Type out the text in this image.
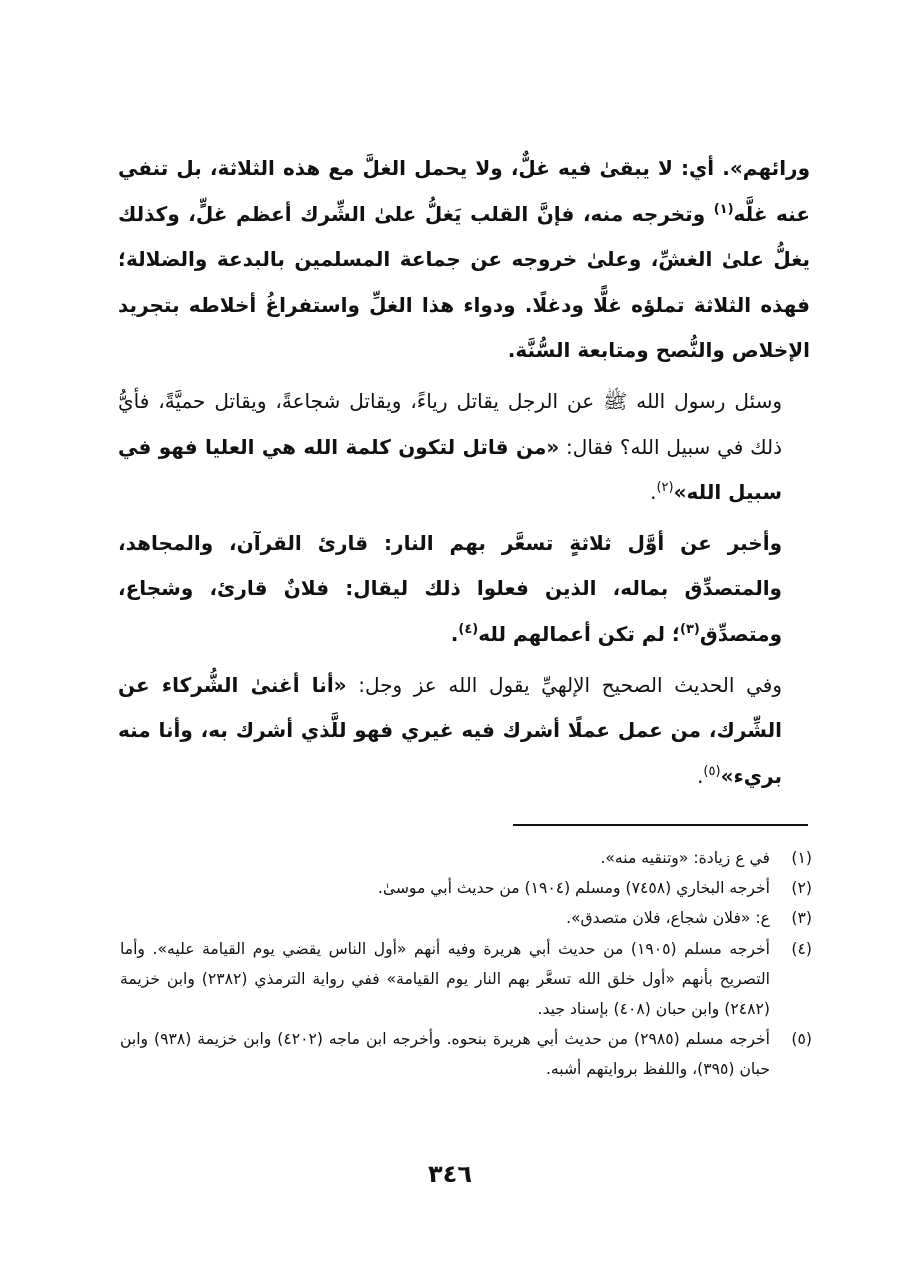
ورائهم». أي: لا يبقىٰ فيه غلٌّ، ولا يحمل الغلَّ مع هذه الثلاثة، بل تنفي عنه غلَّه$^{(١)}$ وتخرجه منه، فإنَّ القلب يَغلُّ علىٰ الشِّرك أعظم غلٍّ، وكذلك يغلُّ علىٰ الغشِّ، وعلىٰ خروجه عن جماعة المسلمين بالبدعة والضلالة؛ فهذه الثلاثة تملؤه غلًّا ودغلًا. ودواء هذا الغلِّ واستفراغُ أخلاطه بتجريد الإخلاص والنُّصح ومتابعة السُّنَّة.

وسئل رسول الله ﷺ عن الرجل يقاتل رياءً، ويقاتل شجاعةً، ويقاتل حميَّةً، فأيُّ ذلك في سبيل الله؟ فقال: «من قاتل لتكون كلمة الله هي العليا فهو في سبيل الله»$^{(٢)}$.

وأخبر عن أوَّل ثلاثةٍ تسعَّر بهم النار: قارئ القرآن، والمجاهد، والمتصدِّق بماله، الذين فعلوا ذلك ليقال: فلانٌ قارئ، وشجاع، ومتصدِّق$^{(٣)}$؛ لم تكن أعمالهم لله$^{(٤)}$.

وفي الحديث الصحيح الإلهيِّ يقول الله عز وجل: «أنا أغنىٰ الشُّركاء عن الشِّرك، من عمل عملًا أشرك فيه غيري فهو للَّذي أشرك به، وأنا منه بريء»$^{(٥)}$.

(١)
في ع زيادة: «وتنقيه منه».
(٢)
أخرجه البخاري (٧٤٥٨) ومسلم (١٩٠٤) من حديث أبي موسىٰ.
(٣)
ع: «فلان شجاع، فلان متصدق».
(٤)
أخرجه مسلم (١٩٠٥) من حديث أبي هريرة وفيه أنهم «أول الناس يقضي يوم القيامة عليه». وأما التصريح بأنهم «أول خلق الله تسعَّر بهم النار يوم القيامة» ففي رواية الترمذي (٢٣٨٢) وابن خزيمة (٢٤٨٢) وابن حبان (٤٠٨) بإسناد جيد.
(٥)
أخرجه مسلم (٢٩٨٥) من حديث أبي هريرة بنحوه. وأخرجه ابن ماجه (٤٢٠٢) وابن خزيمة (٩٣٨) وابن حبان (٣٩٥)، واللفظ بروايتهم أشبه.
٣٤٦
